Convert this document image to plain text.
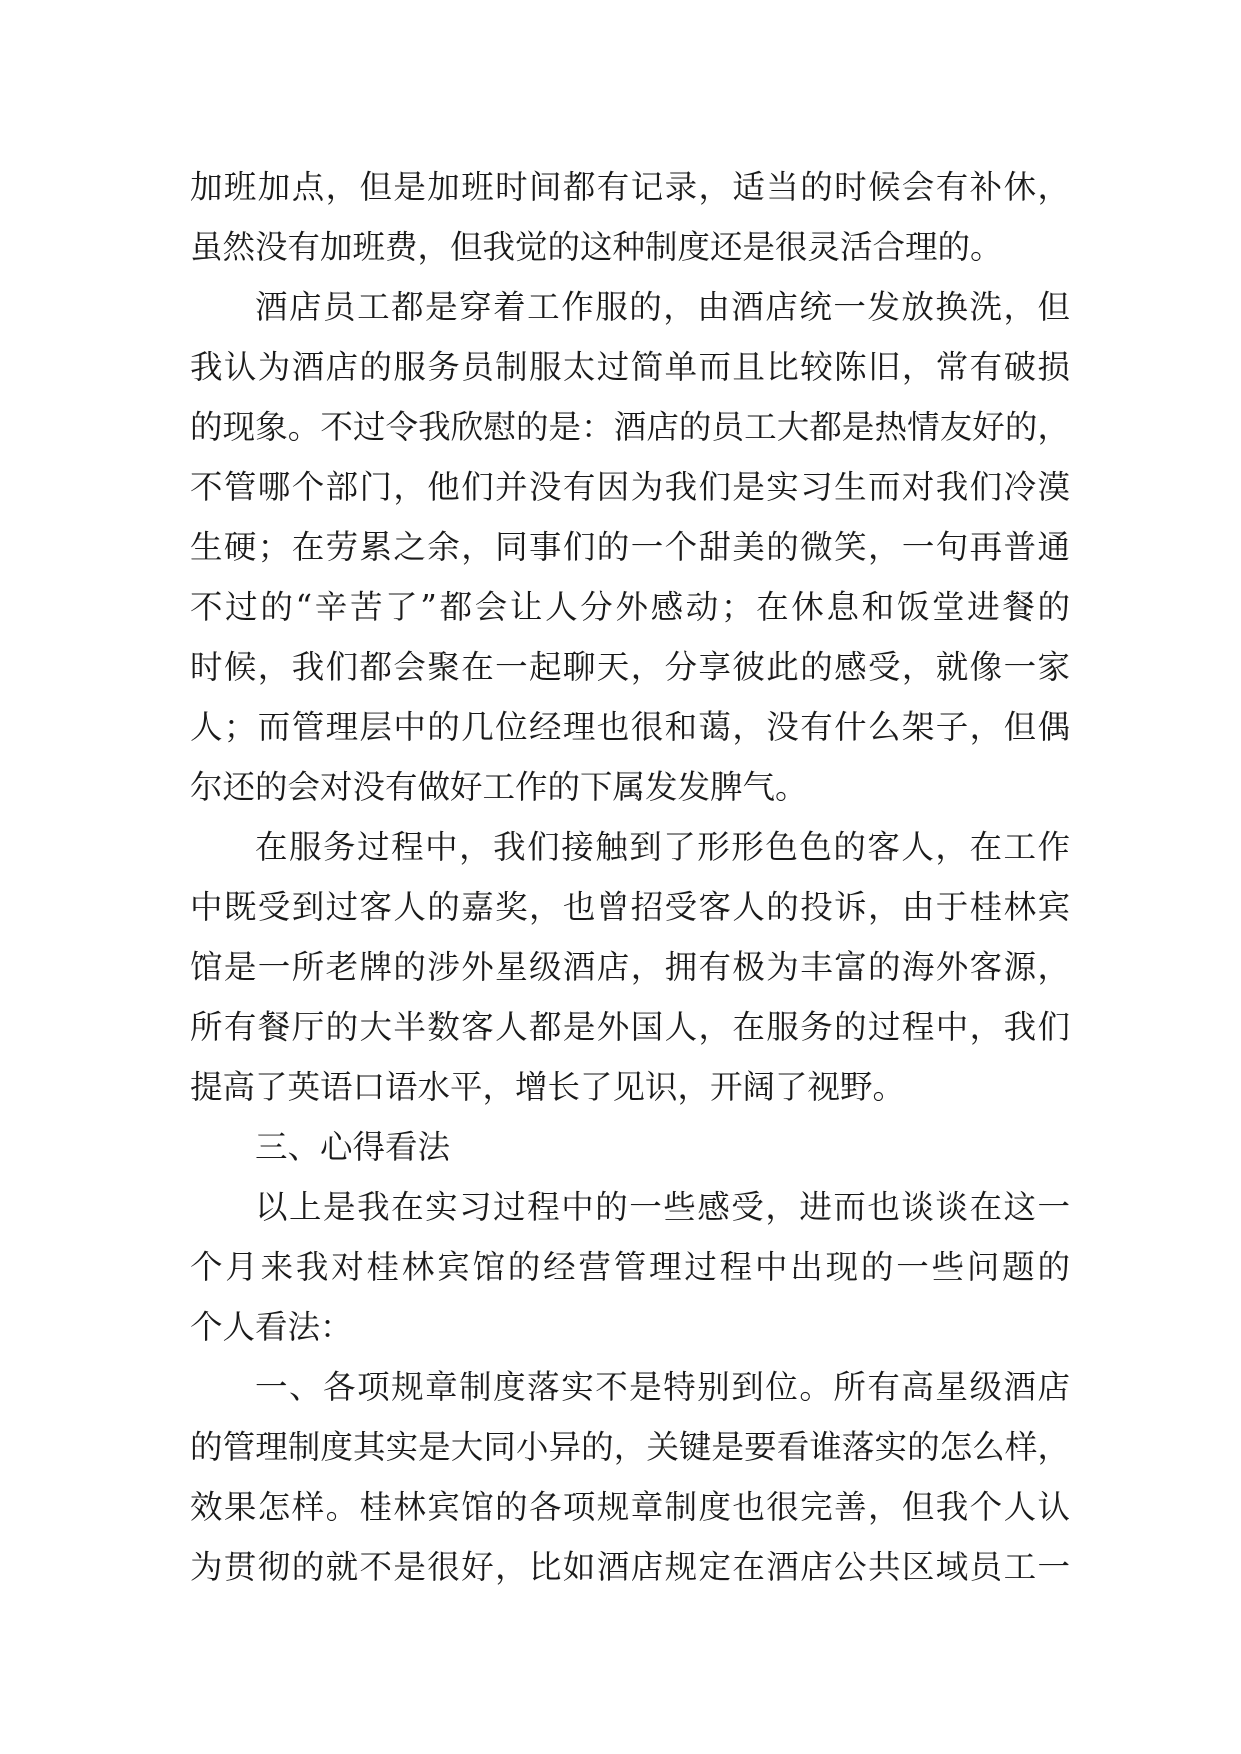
加班加点，但是加班时间都有记录，适当的时候会有补休，
虽然没有加班费，但我觉的这种制度还是很灵活合理的。
酒店员工都是穿着工作服的，由酒店统一发放换洗，但
我认为酒店的服务员制服太过简单而且比较陈旧，常有破损
的现象。不过令我欣慰的是：酒店的员工大都是热情友好的，
不管哪个部门，他们并没有因为我们是实习生而对我们冷漠
生硬；在劳累之余，同事们的一个甜美的微笑，一句再普通
不过的“辛苦了”都会让人分外感动；在休息和饭堂进餐的
时候，我们都会聚在一起聊天，分享彼此的感受，就像一家
人；而管理层中的几位经理也很和蔼，没有什么架子，但偶
尔还的会对没有做好工作的下属发发脾气。
在服务过程中，我们接触到了形形色色的客人，在工作
中既受到过客人的嘉奖，也曾招受客人的投诉，由于桂林宾
馆是一所老牌的涉外星级酒店，拥有极为丰富的海外客源，
所有餐厅的大半数客人都是外国人，在服务的过程中，我们
提高了英语口语水平，增长了见识，开阔了视野。
三、心得看法
以上是我在实习过程中的一些感受，进而也谈谈在这一
个月来我对桂林宾馆的经营管理过程中出现的一些问题的
个人看法：
一、各项规章制度落实不是特别到位。所有高星级酒店
的管理制度其实是大同小异的，关键是要看谁落实的怎么样，
效果怎样。桂林宾馆的各项规章制度也很完善，但我个人认
为贯彻的就不是很好，比如酒店规定在酒店公共区域员工一
